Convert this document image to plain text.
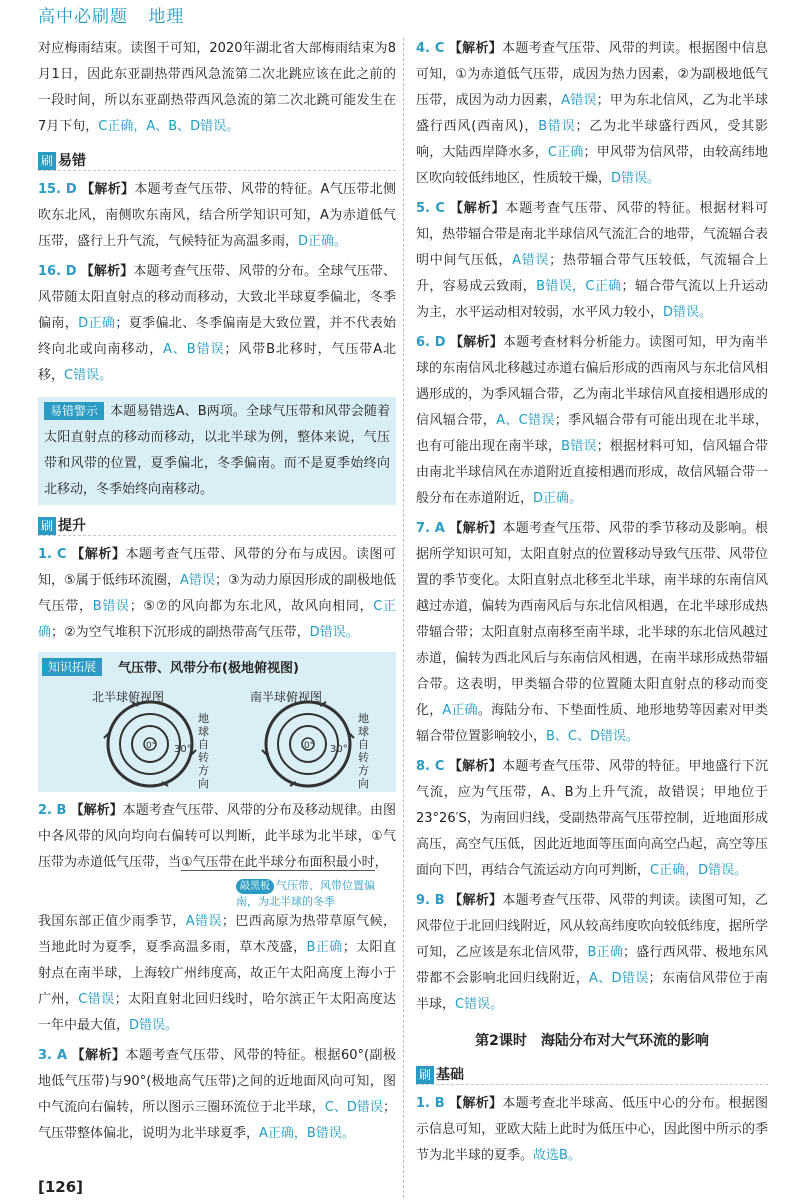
高中必刷题 地理

对应梅雨结束。读图干可知，2020年湖北省大部梅雨结束为8月1日，因此东亚副热带西风急流第二次北跳应该在此之前的一段时间，所以东亚副热带西风急流的第二次北跳可能发生在7月下旬，C正确，A、B、D错误。

刷 易错

15. D 【解析】本题考查气压带、风带的特征。A气压带北侧吹东北风，南侧吹东南风，结合所学知识可知，A为赤道低气压带，盛行上升气流，气候特征为高温多雨，D正确。

16. D 【解析】本题考查气压带、风带的分布。全球气压带、风带随太阳直射点的移动而移动，大致北半球夏季偏北，冬季偏南，D正确；夏季偏北、冬季偏南是大致位置，并不代表始终向北或向南移动，A、B错误；风带B北移时，气压带A北移，C错误。

易错警示 本题易错选A、B两项。全球气压带和风带会随着太阳直射点的移动而移动，以北半球为例，整体来说，气压带和风带的位置，夏季偏北，冬季偏南。而不是夏季始终向北移动，冬季始终向南移动。

刷 提升

1. C 【解析】本题考查气压带、风带的分布与成因。读图可知，⑤属于低纬环流圈，A错误；③为动力原因形成的副极地低气压带，B错误；⑤⑦的风向都为东北风，故风向相同，C正确；②为空气堆积下沉形成的副热带高气压带，D错误。

知识拓展	气压带、风带分布(极地俯视图)
北半球俯视图	南半球俯视图
30°
0°	30°
0°
地球自转方向
地球自转方向

2. B 【解析】本题考查气压带、风带的分布及移动规律。由图中各风带的风向均向右偏转可以判断，此半球为北半球，①气压带为赤道低气压带，当①气压带在此半球分布面积最小时，

敲黑板 气压带、风带位置偏南，为北半球的冬季

我国东部正值少雨季节，A错误；巴西高原为热带草原气候，当地此时为夏季，夏季高温多雨，草木茂盛，B正确；太阳直射点在南半球，上海较广州纬度高，故正午太阳高度上海小于广州，C错误；太阳直射北回归线时，哈尔滨正午太阳高度达一年中最大值，D错误。

3. A 【解析】本题考查气压带、风带的特征。根据60°(副极地低气压带)与90°(极地高气压带)之间的近地面风向可知，图中气流向右偏转，所以图示三圈环流位于北半球，C、D错误；气压带整体偏北，说明为北半球夏季，A正确，B错误。

4. C 【解析】本题考查气压带、风带的判读。根据图中信息可知，①为赤道低气压带，成因为热力因素，②为副极地低气压带，成因为动力因素，A错误；甲为东北信风，乙为北半球盛行西风(西南风)，B错误；乙为北半球盛行西风，受其影响，大陆西岸降水多，C正确；甲风带为信风带，由较高纬地区吹向较低纬地区，性质较干燥，D错误。

5. C 【解析】本题考查气压带、风带的特征。根据材料可知，热带辐合带是南北半球信风气流汇合的地带，气流辐合表明中间气压低，A错误；热带辐合带气压较低，气流辐合上升，容易成云致雨，B错误，C正确；辐合带气流以上升运动为主，水平运动相对较弱，水平风力较小，D错误。

6. D 【解析】本题考查材料分析能力。读图可知，甲为南半球的东南信风北移越过赤道右偏后形成的西南风与东北信风相遇形成的，为季风辐合带，乙为南北半球信风直接相遇形成的信风辐合带，A、C错误；季风辐合带有可能出现在北半球，也有可能出现在南半球，B错误；根据材料可知，信风辐合带由南北半球信风在赤道附近直接相遇而形成，故信风辐合带一般分布在赤道附近，D正确。

7. A 【解析】本题考查气压带、风带的季节移动及影响。根据所学知识可知，太阳直射点的位置移动导致气压带、风带位置的季节变化。太阳直射点北移至北半球，南半球的东南信风越过赤道，偏转为西南风后与东北信风相遇，在北半球形成热带辐合带；太阳直射点南移至南半球，北半球的东北信风越过赤道，偏转为西北风后与东南信风相遇，在南半球形成热带辐合带。这表明，甲类辐合带的位置随太阳直射点的移动而变化，A正确。海陆分布、下垫面性质、地形地势等因素对甲类辐合带位置影响较小，B、C、D错误。

8. C 【解析】本题考查气压带、风带的特征。甲地盛行下沉气流，应为气压带，A、B为上升气流，故错误；甲地位于23°26′S，为南回归线，受副热带高气压带控制，近地面形成高压，高空气压低，因此近地面等压面向高空凸起，高空等压面向下凹，再结合气流运动方向可判断，C正确，D错误。

9. B 【解析】本题考查气压带、风带的判读。读图可知，乙风带位于北回归线附近，风从较高纬度吹向较低纬度，据所学可知，乙应该是东北信风带，B正确；盛行西风带、极地东风带都不会影响北回归线附近，A、D错误；东南信风带位于南半球，C错误。

第2课时　海陆分布对大气环流的影响
刷 基础

1. B 【解析】本题考查北半球高、低压中心的分布。根据图示信息可知，亚欧大陆上此时为低压中心，因此图中所示的季节为北半球的夏季。故选B。

[126]
